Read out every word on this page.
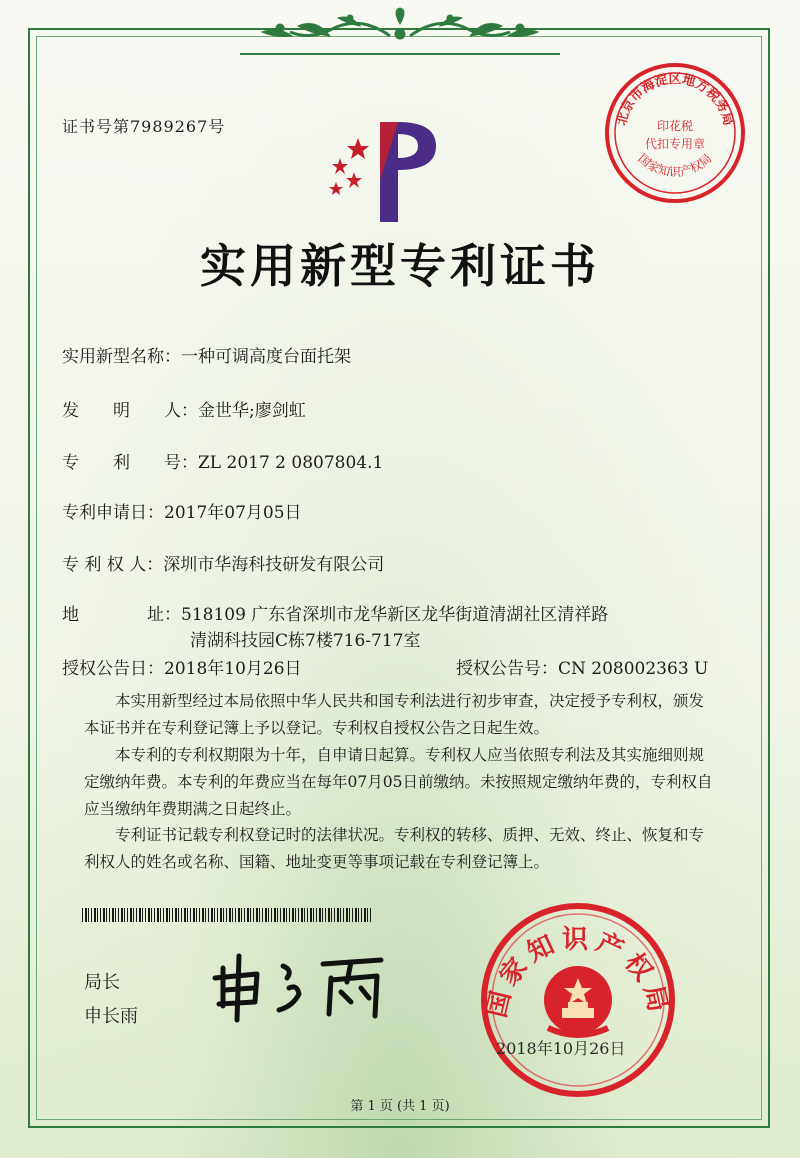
证书号第7989267号	北京市海淀区地方税务局
印花税
代扣专用章
国家知识产权局
实用新型专利证书
实用新型名称：一种可调高度台面托架
发　　明　　人：金世华;廖剑虹
专　　利　　号：ZL 2017 2 0807804.1
专利申请日：2017年07月05日
专 利 权 人：深圳市华海科技研发有限公司
地　　　　址：518109 广东省深圳市龙华新区龙华街道清湖社区清祥路
清湖科技园C栋7楼716-717室
授权公告日：2018年10月26日	授权公告号：CN 208002363 U
本实用新型经过本局依照中华人民共和国专利法进行初步审查，决定授予专利权，颁发本证书并在专利登记簿上予以登记。专利权自授权公告之日起生效。
本专利的专利权期限为十年，自申请日起算。专利权人应当依照专利法及其实施细则规定缴纳年费。本专利的年费应当在每年07月05日前缴纳。未按照规定缴纳年费的，专利权自应当缴纳年费期满之日起终止。
专利证书记载专利权登记时的法律状况。专利权的转移、质押、无效、终止、恢复和专利权人的姓名或名称、国籍、地址变更等事项记载在专利登记簿上。
局长
申长雨	国家知识产权局
2018年10月26日
第 1 页 (共 1 页)
